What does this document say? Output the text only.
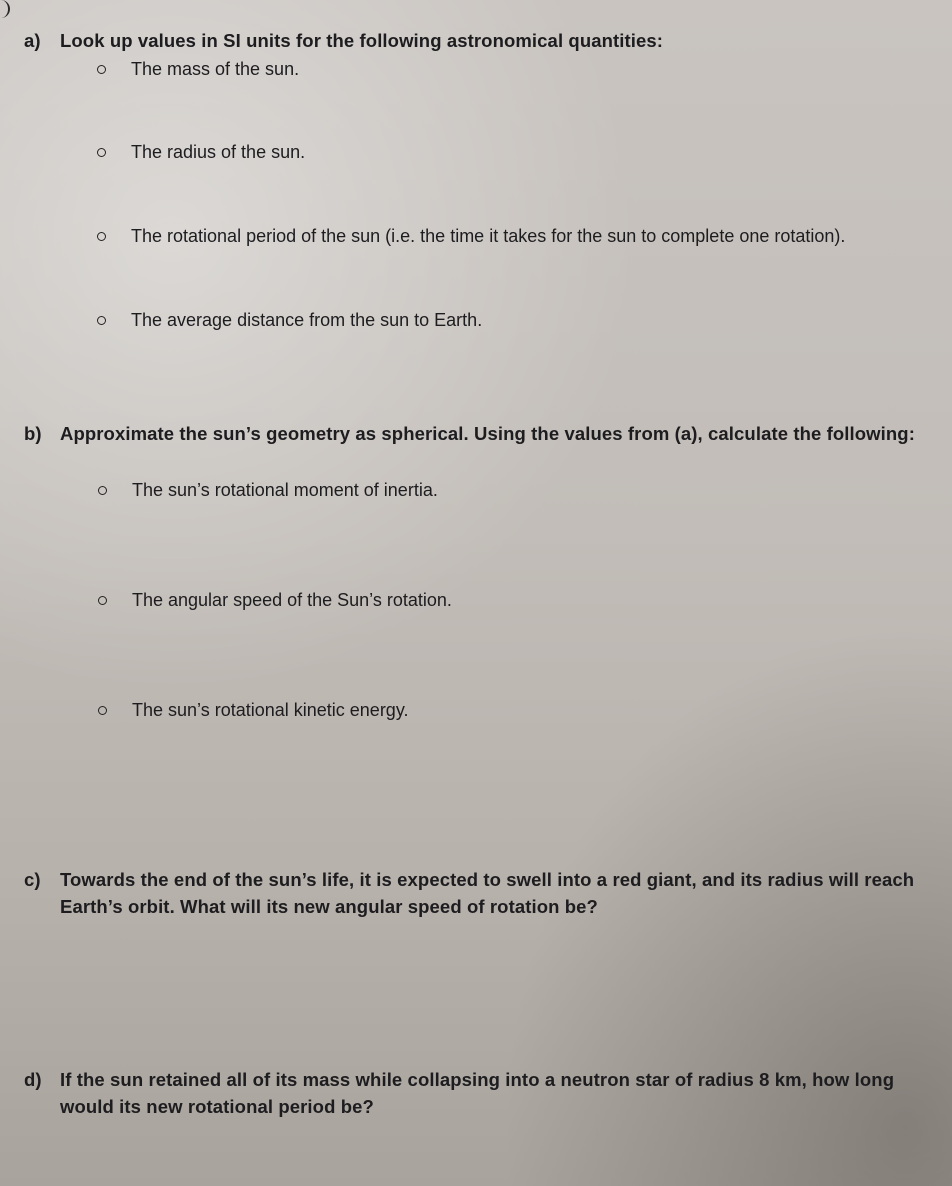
a) Look up values in SI units for the following astronomical quantities:
The mass of the sun.
The radius of the sun.
The rotational period of the sun (i.e. the time it takes for the sun to complete one rotation).
The average distance from the sun to Earth.
b) Approximate the sun’s geometry as spherical. Using the values from (a), calculate the following:
The sun’s rotational moment of inertia.
The angular speed of the Sun’s rotation.
The sun’s rotational kinetic energy.
c) Towards the end of the sun’s life, it is expected to swell into a red giant, and its radius will reach
Earth’s orbit. What will its new angular speed of rotation be?
d) If the sun retained all of its mass while collapsing into a neutron star of radius 8 km, how long
would its new rotational period be?
